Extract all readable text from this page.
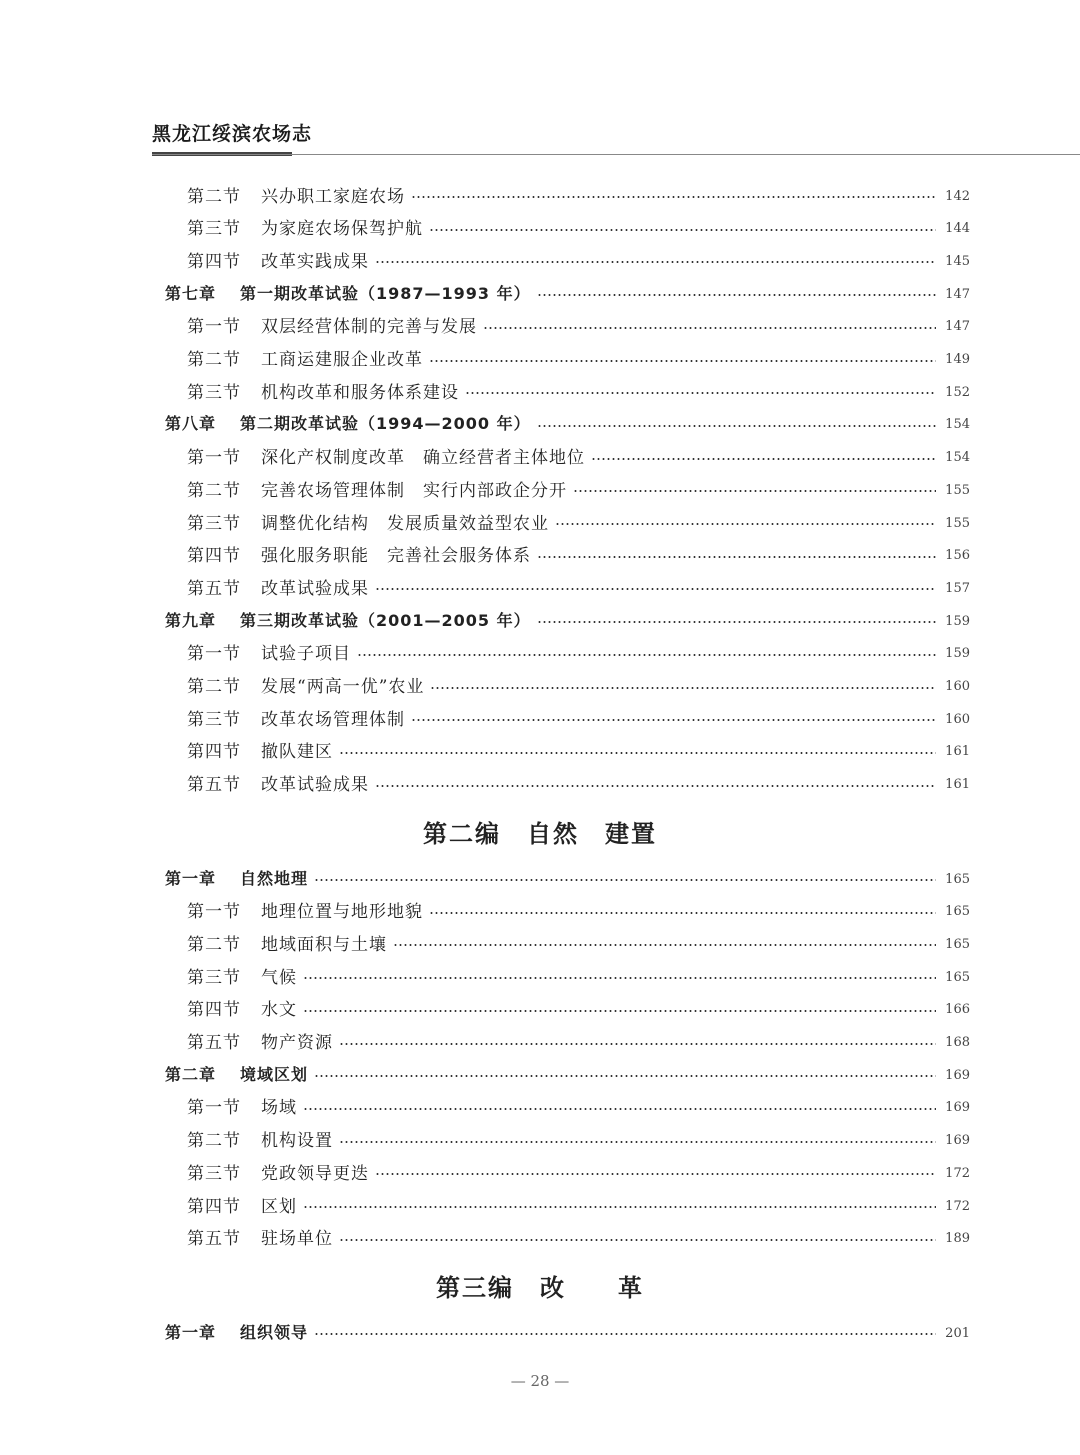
黑龙江绥滨农场志
第二节 兴办职工家庭农场	142
第三节 为家庭农场保驾护航	144
第四节 改革实践成果	145
第七章 第一期改革试验（1987—1993 年）	147
第一节 双层经营体制的完善与发展	147
第二节 工商运建服企业改革	149
第三节 机构改革和服务体系建设	152
第八章 第二期改革试验（1994—2000 年）	154
第一节 深化产权制度改革　确立经营者主体地位	154
第二节 完善农场管理体制　实行内部政企分开	155
第三节 调整优化结构　发展质量效益型农业	155
第四节 强化服务职能　完善社会服务体系	156
第五节 改革试验成果	157
第九章 第三期改革试验（2001—2005 年）	159
第一节 试验子项目	159
第二节 发展“两高一优”农业	160
第三节 改革农场管理体制	160
第四节 撤队建区	161
第五节 改革试验成果	161
第一章 自然地理	165
第一节 地理位置与地形地貌	165
第二节 地域面积与土壤	165
第三节 气候	165
第四节 水文	166
第五节 物产资源	168
第二章 境域区划	169
第一节 场域	169
第二节 机构设置	169
第三节 党政领导更迭	172
第四节 区划	172
第五节 驻场单位	189
第一章 组织领导	201
第二编　自然　建置
第三编　改　　革
— 28 —
